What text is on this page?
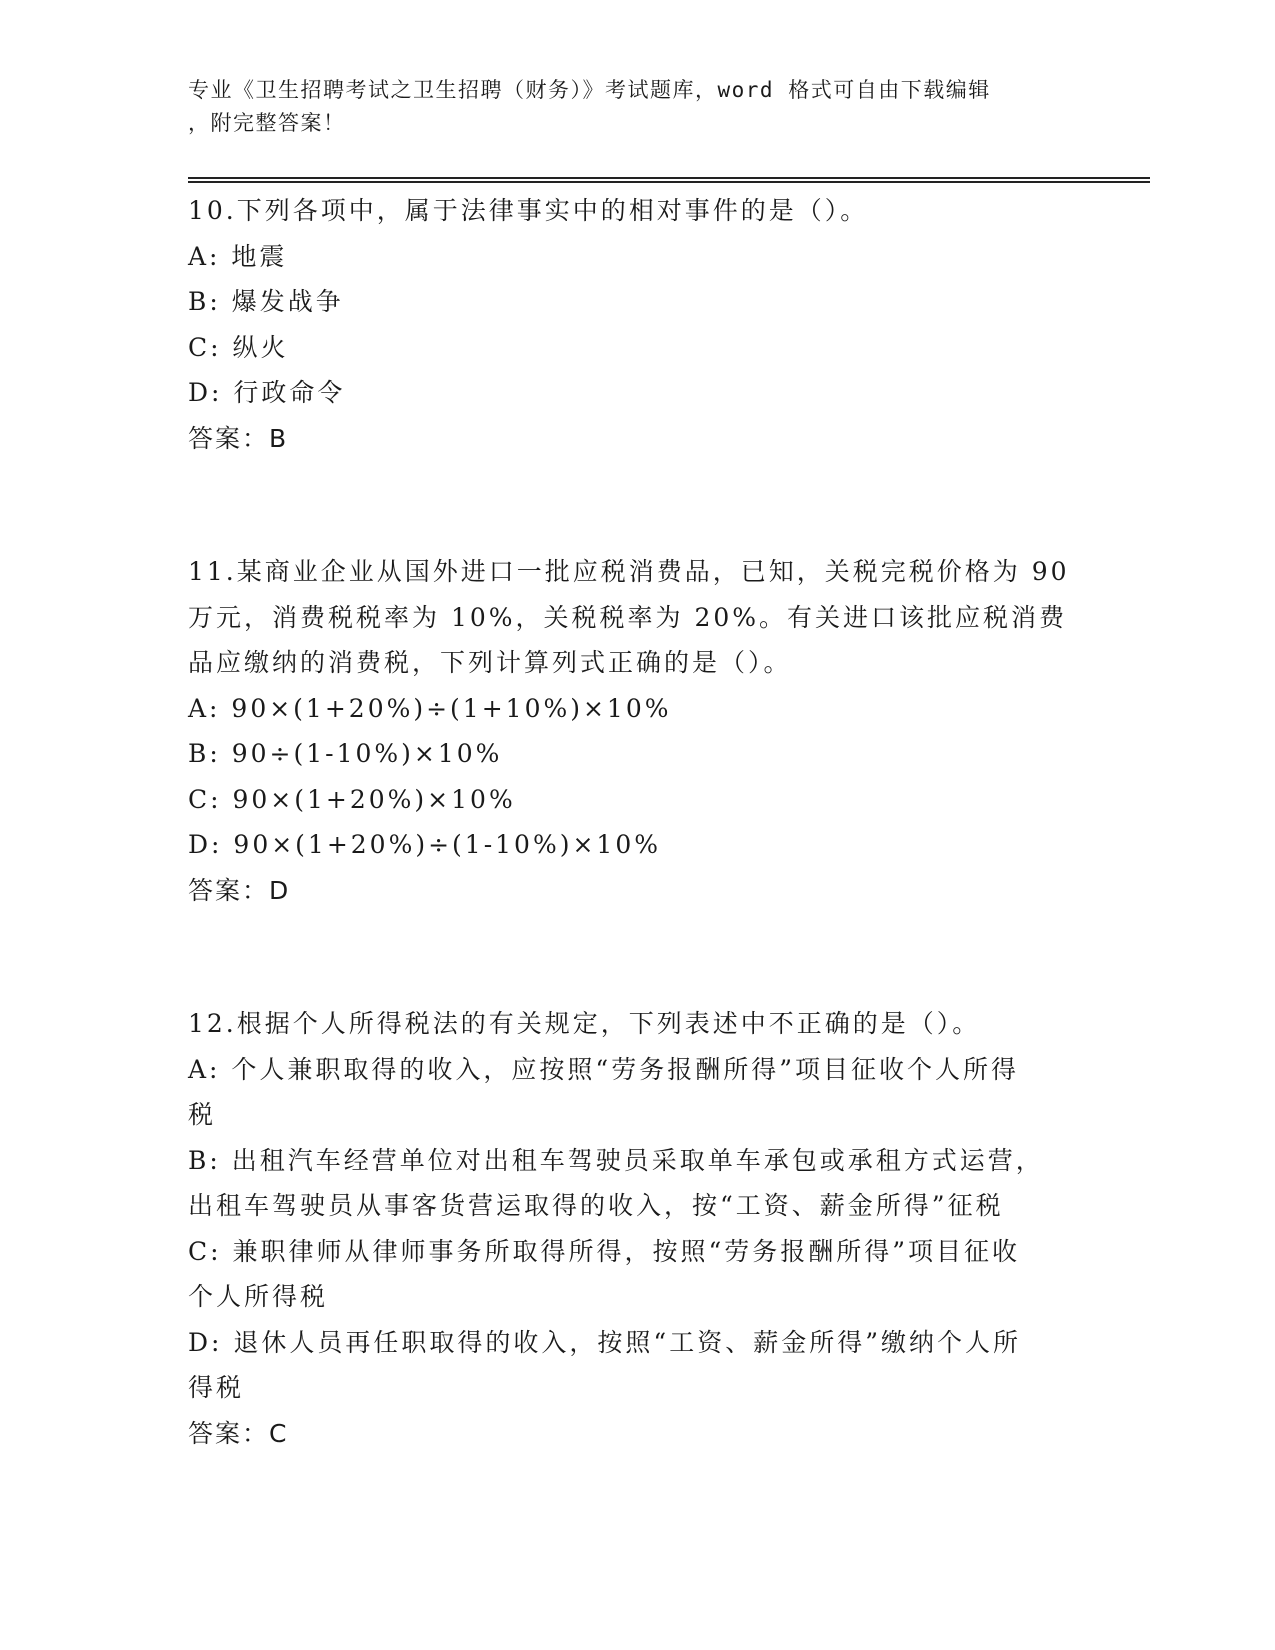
专业《卫生招聘考试之卫生招聘（财务）》考试题库，word 格式可自由下载编辑

，附完整答案！

10.下列各项中，属于法律事实中的相对事件的是（）。

A: 地震

B: 爆发战争

C: 纵火

D: 行政命令

答案：B

11.某商业企业从国外进口一批应税消费品，已知，关税完税价格为 90

万元，消费税税率为 10%，关税税率为 20%。有关进口该批应税消费

品应缴纳的消费税，下列计算列式正确的是（）。

A: 90×(1+20%)÷(1+10%)×10%

B: 90÷(1-10%)×10%

C: 90×(1+20%)×10%

D: 90×(1+20%)÷(1-10%)×10%

答案：D

12.根据个人所得税法的有关规定，下列表述中不正确的是（）。

A: 个人兼职取得的收入，应按照“劳务报酬所得”项目征收个人所得

税

B: 出租汽车经营单位对出租车驾驶员采取单车承包或承租方式运营，

出租车驾驶员从事客货营运取得的收入，按“工资、薪金所得”征税

C: 兼职律师从律师事务所取得所得，按照“劳务报酬所得”项目征收

个人所得税

D: 退休人员再任职取得的收入，按照“工资、薪金所得”缴纳个人所

得税

答案：C
